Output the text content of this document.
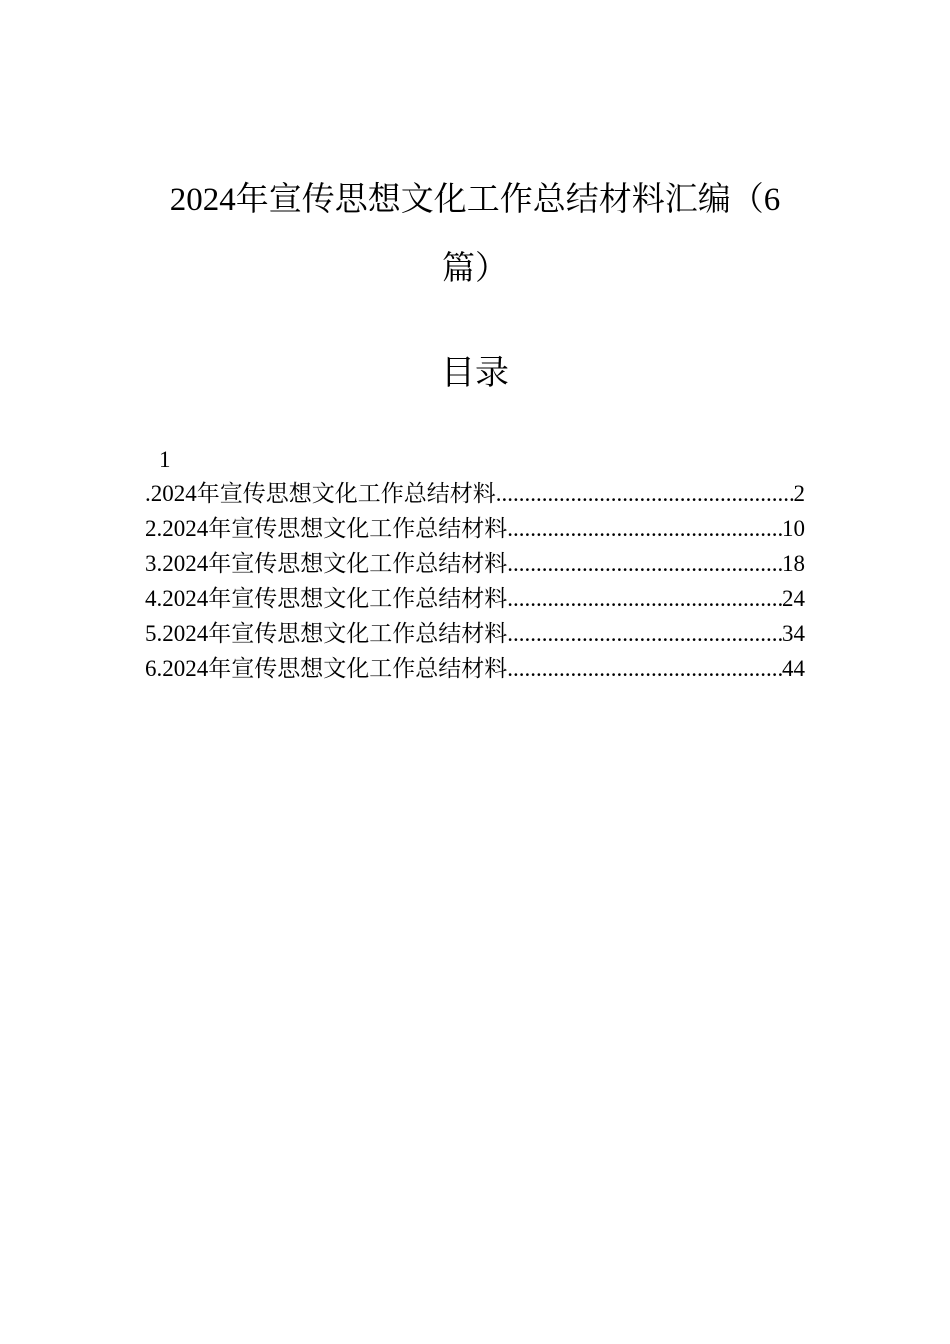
2024年宣传思想文化工作总结材料汇编（6
篇）
目录
1
.2024年宣传思想文化工作总结材料 .....	2
2.2024年宣传思想文化工作总结材料 .....	10
3.2024年宣传思想文化工作总结材料 .....	18
4.2024年宣传思想文化工作总结材料 .....	24
5.2024年宣传思想文化工作总结材料 .....	34
6.2024年宣传思想文化工作总结材料 .....	44
